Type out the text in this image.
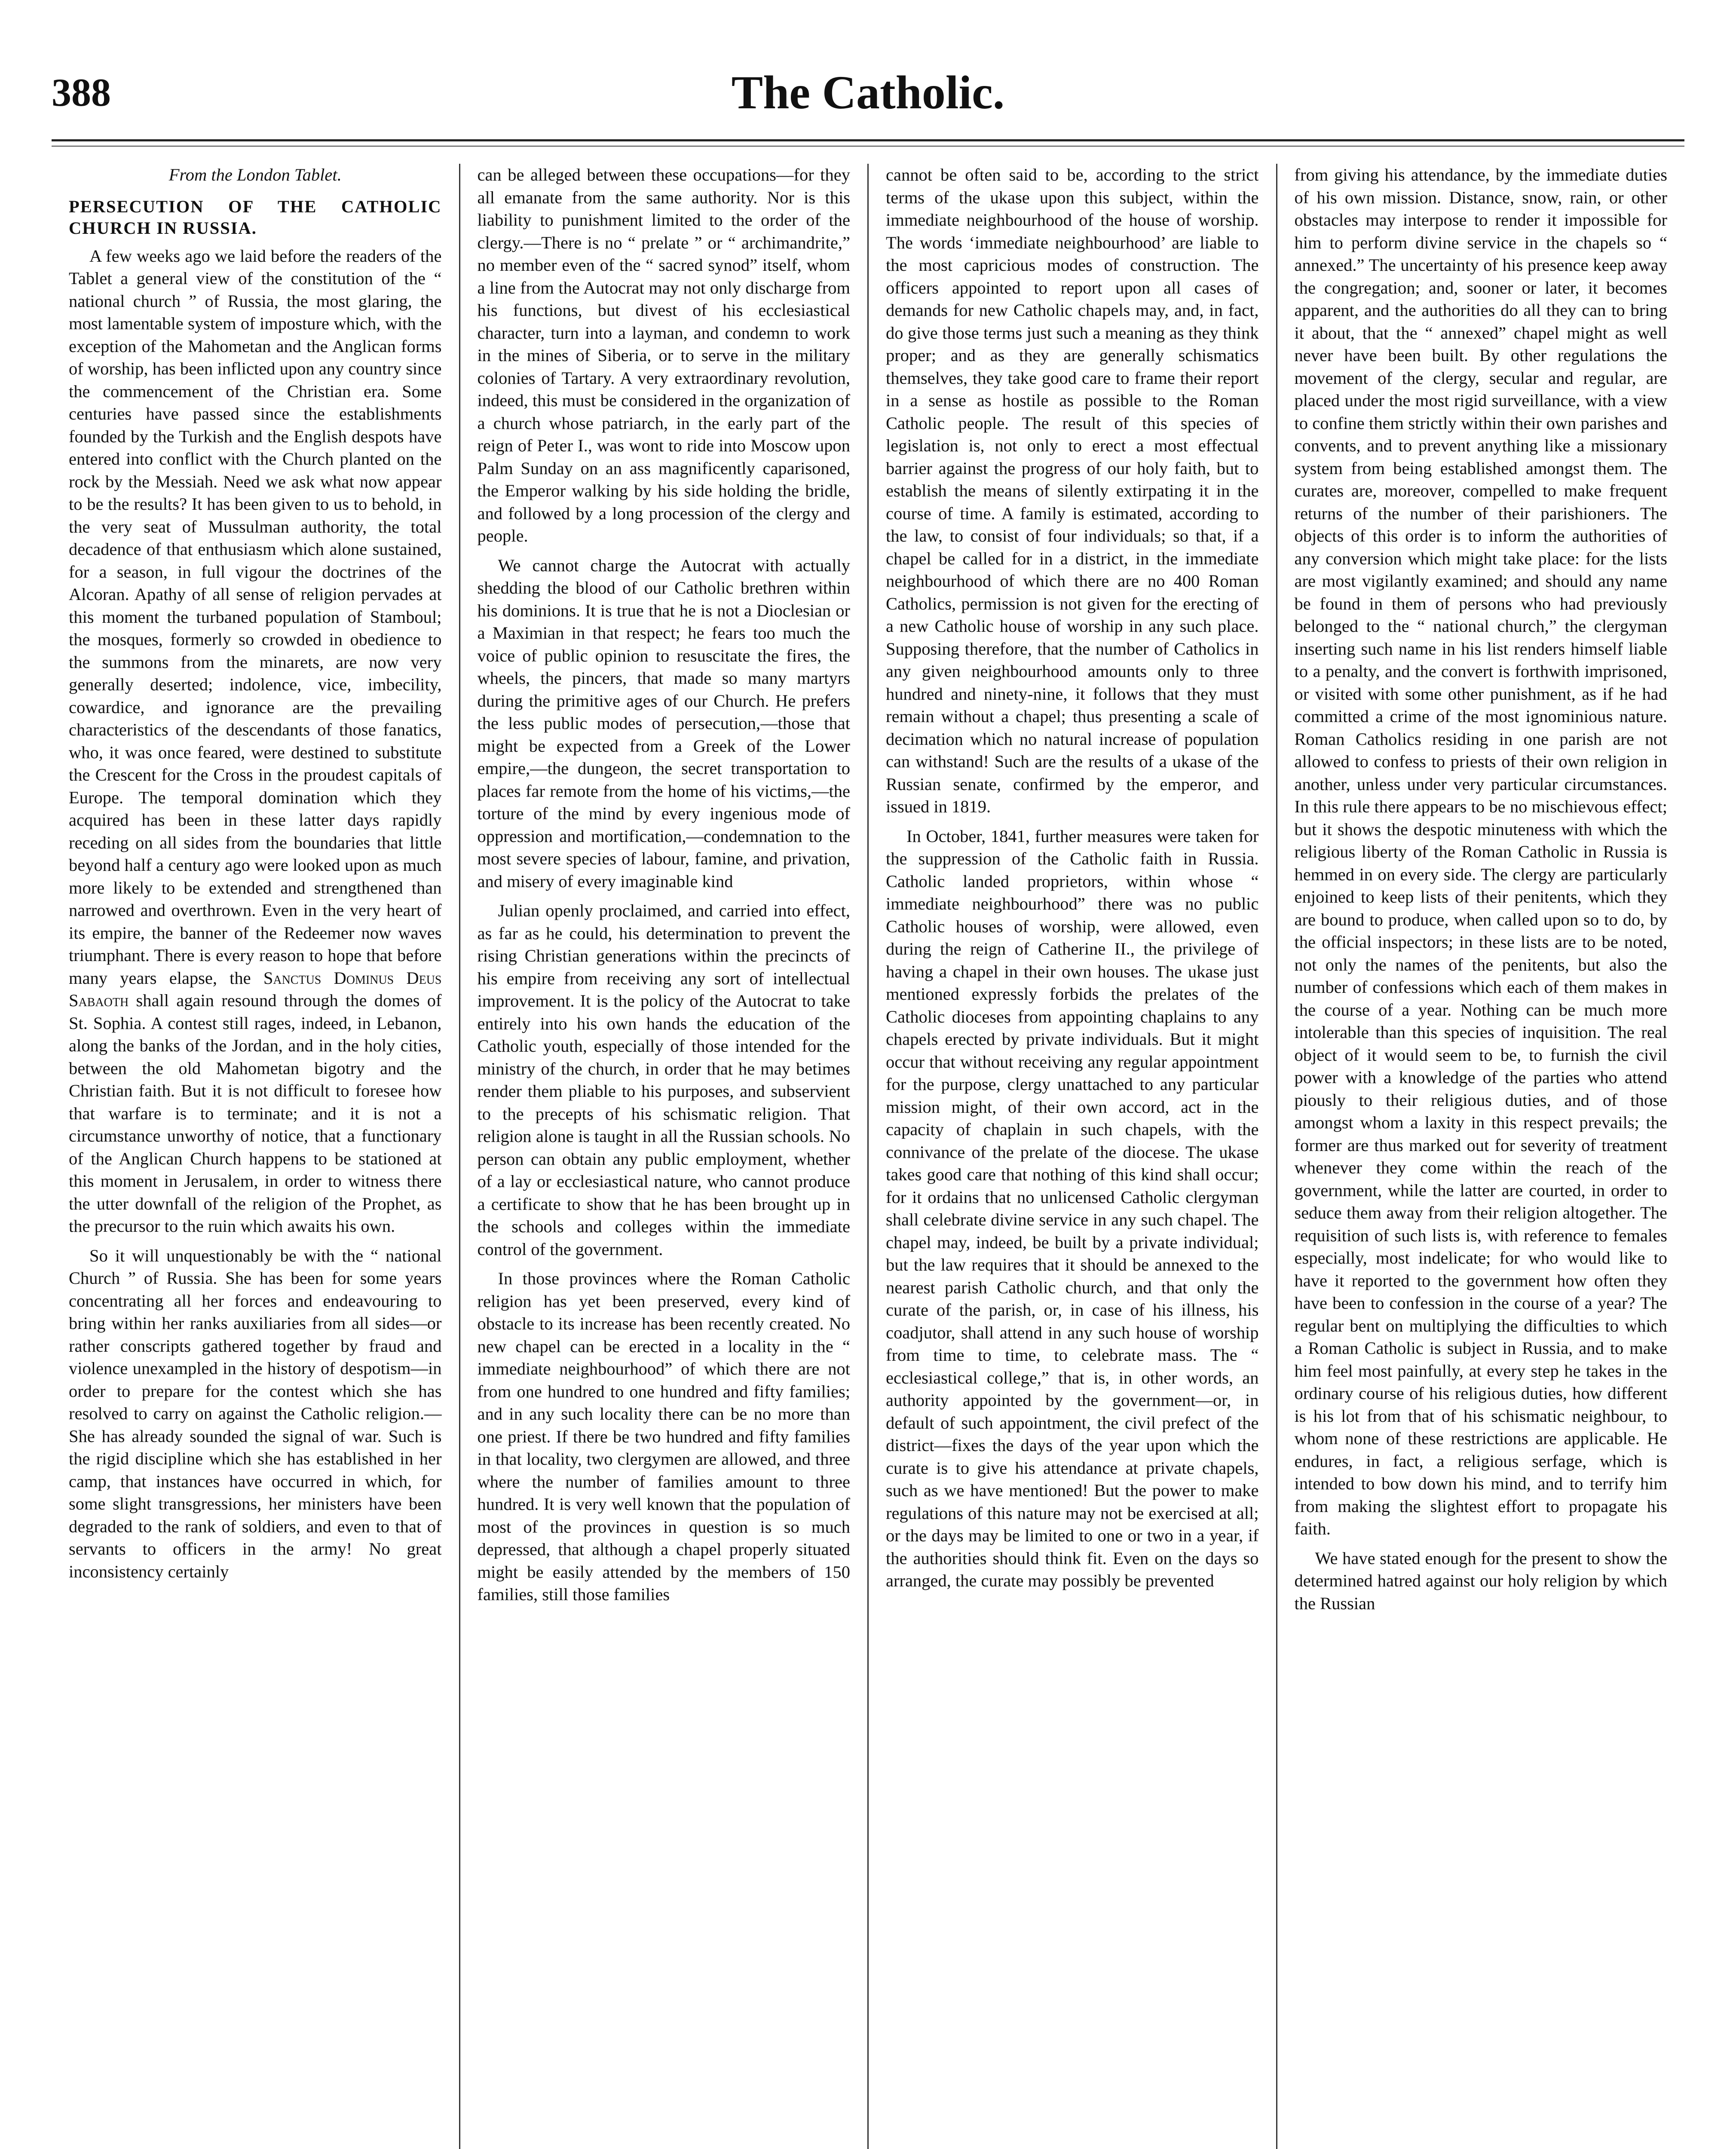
388	The Catholic.
From the London Tablet.
PERSECUTION OF THE CATHOLIC CHURCH IN RUSSIA.

A few weeks ago we laid before the readers of the Tablet a general view of the constitution of the “ national church ” of Russia, the most glaring, the most lamentable system of imposture which, with the exception of the Mahometan and the Anglican forms of worship, has been inflicted upon any country since the commencement of the Christian era. Some centuries have passed since the establishments founded by the Turkish and the English despots have entered into conflict with the Church planted on the rock by the Messiah. Need we ask what now appear to be the results? It has been given to us to behold, in the very seat of Mussulman authority, the total decadence of that enthusiasm which alone sustained, for a season, in full vigour the doctrines of the Alcoran. Apathy of all sense of religion pervades at this moment the turbaned population of Stamboul; the mosques, formerly so crowded in obedience to the summons from the minarets, are now very generally deserted; indolence, vice, imbecility, cowardice, and ignorance are the prevailing characteristics of the descendants of those fanatics, who, it was once feared, were destined to substitute the Crescent for the Cross in the proudest capitals of Europe. The temporal domination which they acquired has been in these latter days rapidly receding on all sides from the boundaries that little beyond half a century ago were looked upon as much more likely to be extended and strengthened than narrowed and overthrown. Even in the very heart of its empire, the banner of the Redeemer now waves triumphant. There is every reason to hope that before many years elapse, the Sanctus Dominus Deus Sabaoth shall again resound through the domes of St. Sophia. A contest still rages, indeed, in Lebanon, along the banks of the Jordan, and in the holy cities, between the old Mahometan bigotry and the Christian faith. But it is not difficult to foresee how that warfare is to terminate; and it is not a circumstance unworthy of notice, that a functionary of the Anglican Church happens to be stationed at this moment in Jerusalem, in order to witness there the utter downfall of the religion of the Prophet, as the precursor to the ruin which awaits his own.

So it will unquestionably be with the “ national Church ” of Russia. She has been for some years concentrating all her forces and endeavouring to bring within her ranks auxiliaries from all sides—or rather conscripts gathered together by fraud and violence unexampled in the history of despotism—in order to prepare for the contest which she has resolved to carry on against the Catholic religion.—She has already sounded the signal of war. Such is the rigid discipline which she has established in her camp, that instances have occurred in which, for some slight transgressions, her ministers have been degraded to the rank of soldiers, and even to that of servants to officers in the army! No great inconsistency certainly

can be alleged between these occupations—for they all emanate from the same authority. Nor is this liability to punishment limited to the order of the clergy.—There is no “ prelate ” or “ archimandrite,” no member even of the “ sacred synod” itself, whom a line from the Autocrat may not only discharge from his functions, but divest of his ecclesiastical character, turn into a layman, and condemn to work in the mines of Siberia, or to serve in the military colonies of Tartary. A very extraordinary revolution, indeed, this must be considered in the organization of a church whose patriarch, in the early part of the reign of Peter I., was wont to ride into Moscow upon Palm Sunday on an ass magnificently caparisoned, the Emperor walking by his side holding the bridle, and followed by a long procession of the clergy and people.

We cannot charge the Autocrat with actually shedding the blood of our Catholic brethren within his dominions. It is true that he is not a Dioclesian or a Maximian in that respect; he fears too much the voice of public opinion to resuscitate the fires, the wheels, the pincers, that made so many martyrs during the primitive ages of our Church. He prefers the less public modes of persecution,—those that might be expected from a Greek of the Lower empire,—the dungeon, the secret transportation to places far remote from the home of his victims,—the torture of the mind by every ingenious mode of oppression and mortification,—condemnation to the most severe species of labour, famine, and privation, and misery of every imaginable kind

Julian openly proclaimed, and carried into effect, as far as he could, his determination to prevent the rising Christian generations within the precincts of his empire from receiving any sort of intellectual improvement. It is the policy of the Autocrat to take entirely into his own hands the education of the Catholic youth, especially of those intended for the ministry of the church, in order that he may betimes render them pliable to his purposes, and subservient to the precepts of his schismatic religion. That religion alone is taught in all the Russian schools. No person can obtain any public employment, whether of a lay or ecclesiastical nature, who cannot produce a certificate to show that he has been brought up in the schools and colleges within the immediate control of the government.

In those provinces where the Roman Catholic religion has yet been preserved, every kind of obstacle to its increase has been recently created. No new chapel can be erected in a locality in the “ immediate neighbourhood” of which there are not from one hundred to one hundred and fifty families; and in any such locality there can be no more than one priest. If there be two hundred and fifty families in that locality, two clergymen are allowed, and three where the number of families amount to three hundred. It is very well known that the population of most of the provinces in question is so much depressed, that although a chapel properly situated might be easily attended by the members of 150 families, still those families

cannot be often said to be, according to the strict terms of the ukase upon this subject, within the immediate neighbourhood of the house of worship. The words ‘immediate neighbourhood’ are liable to the most capricious modes of construction. The officers appointed to report upon all cases of demands for new Catholic chapels may, and, in fact, do give those terms just such a meaning as they think proper; and as they are generally schismatics themselves, they take good care to frame their report in a sense as hostile as possible to the Roman Catholic people. The result of this species of legislation is, not only to erect a most effectual barrier against the progress of our holy faith, but to establish the means of silently extirpating it in the course of time. A family is estimated, according to the law, to consist of four individuals; so that, if a chapel be called for in a district, in the immediate neighbourhood of which there are no 400 Roman Catholics, permission is not given for the erecting of a new Catholic house of worship in any such place. Supposing therefore, that the number of Catholics in any given neighbourhood amounts only to three hundred and ninety-nine, it follows that they must remain without a chapel; thus presenting a scale of decimation which no natural increase of population can withstand! Such are the results of a ukase of the Russian senate, confirmed by the emperor, and issued in 1819.

In October, 1841, further measures were taken for the suppression of the Catholic faith in Russia. Catholic landed proprietors, within whose “ immediate neighbourhood” there was no public Catholic houses of worship, were allowed, even during the reign of Catherine II., the privilege of having a chapel in their own houses. The ukase just mentioned expressly forbids the prelates of the Catholic dioceses from appointing chaplains to any chapels erected by private individuals. But it might occur that without receiving any regular appointment for the purpose, clergy unattached to any particular mission might, of their own accord, act in the capacity of chaplain in such chapels, with the connivance of the prelate of the diocese. The ukase takes good care that nothing of this kind shall occur; for it ordains that no unlicensed Catholic clergyman shall celebrate divine service in any such chapel. The chapel may, indeed, be built by a private individual; but the law requires that it should be annexed to the nearest parish Catholic church, and that only the curate of the parish, or, in case of his illness, his coadjutor, shall attend in any such house of worship from time to time, to celebrate mass. The “ ecclesiastical college,” that is, in other words, an authority appointed by the government—or, in default of such appointment, the civil prefect of the district—fixes the days of the year upon which the curate is to give his attendance at private chapels, such as we have mentioned! But the power to make regulations of this nature may not be exercised at all; or the days may be limited to one or two in a year, if the authorities should think fit. Even on the days so arranged, the curate may possibly be prevented

from giving his attendance, by the immediate duties of his own mission. Distance, snow, rain, or other obstacles may interpose to render it impossible for him to perform divine service in the chapels so “ annexed.” The uncertainty of his presence keep away the congregation; and, sooner or later, it becomes apparent, and the authorities do all they can to bring it about, that the “ annexed” chapel might as well never have been built. By other regulations the movement of the clergy, secular and regular, are placed under the most rigid surveillance, with a view to confine them strictly within their own parishes and convents, and to prevent anything like a missionary system from being established amongst them. The curates are, moreover, compelled to make frequent returns of the number of their parishioners. The objects of this order is to inform the authorities of any conversion which might take place: for the lists are most vigilantly examined; and should any name be found in them of persons who had previously belonged to the “ national church,” the clergyman inserting such name in his list renders himself liable to a penalty, and the convert is forthwith imprisoned, or visited with some other punishment, as if he had committed a crime of the most ignominious nature. Roman Catholics residing in one parish are not allowed to confess to priests of their own religion in another, unless under very particular circumstances. In this rule there appears to be no mischievous effect; but it shows the despotic minuteness with which the religious liberty of the Roman Catholic in Russia is hemmed in on every side. The clergy are particularly enjoined to keep lists of their penitents, which they are bound to produce, when called upon so to do, by the official inspectors; in these lists are to be noted, not only the names of the penitents, but also the number of confessions which each of them makes in the course of a year. Nothing can be much more intolerable than this species of inquisition. The real object of it would seem to be, to furnish the civil power with a knowledge of the parties who attend piously to their religious duties, and of those amongst whom a laxity in this respect prevails; the former are thus marked out for severity of treatment whenever they come within the reach of the government, while the latter are courted, in order to seduce them away from their religion altogether. The requisition of such lists is, with reference to females especially, most indelicate; for who would like to have it reported to the government how often they have been to confession in the course of a year? The regular bent on multiplying the difficulties to which a Roman Catholic is subject in Russia, and to make him feel most painfully, at every step he takes in the ordinary course of his religious duties, how different is his lot from that of his schismatic neighbour, to whom none of these restrictions are applicable. He endures, in fact, a religious serfage, which is intended to bow down his mind, and to terrify him from making the slightest effort to propagate his faith.

We have stated enough for the present to show the determined hatred against our holy religion by which the Russian
